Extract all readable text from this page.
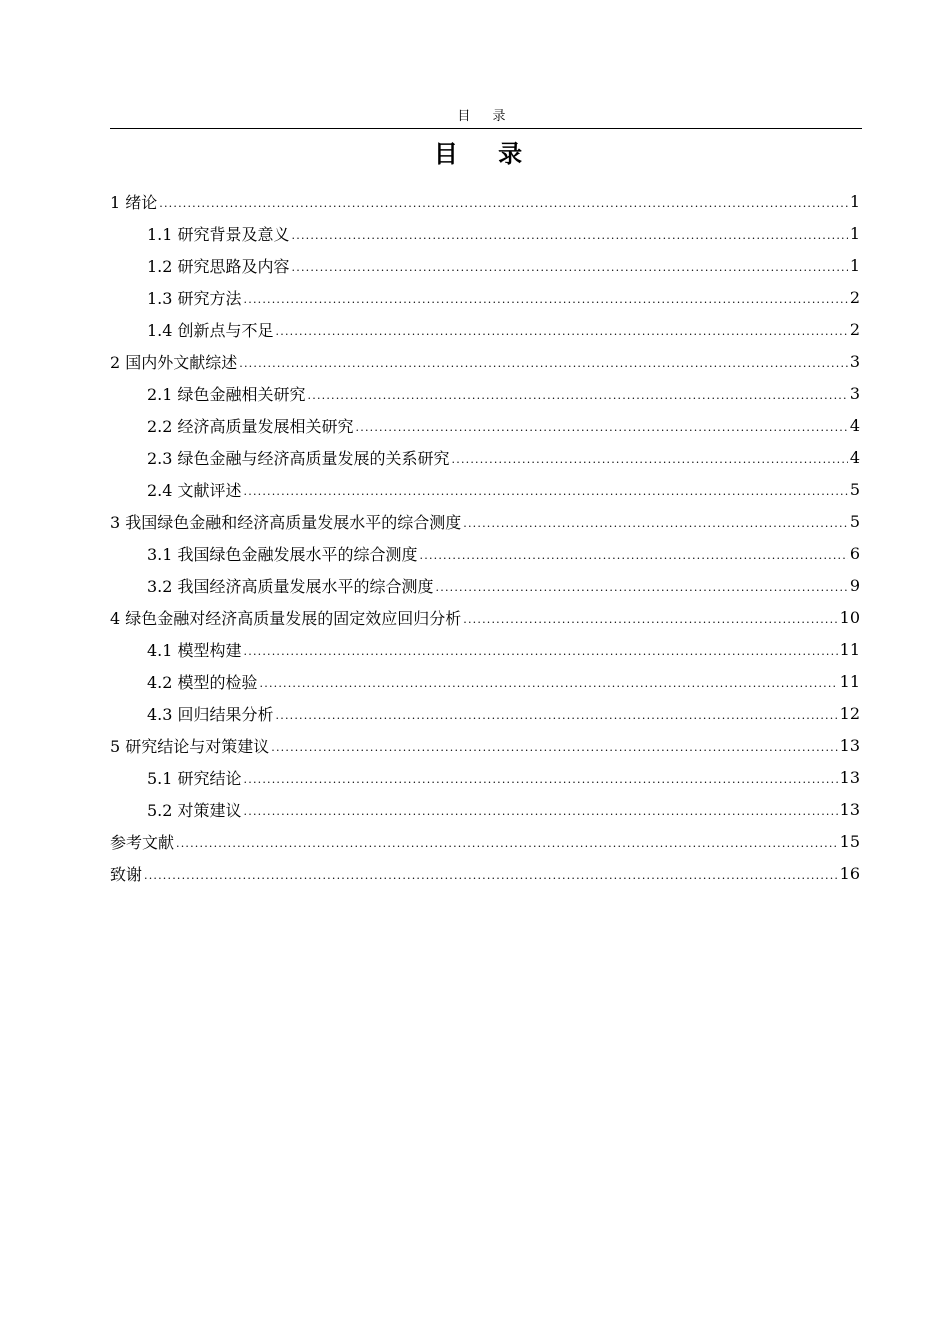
目 录
目 录
1 绪论 .....	1
1.1 研究背景及意义 .....	1
1.2 研究思路及内容 .....	1
1.3 研究方法 .....	2
1.4 创新点与不足 .....	2
2 国内外文献综述 .....	3
2.1 绿色金融相关研究 .....	3
2.2 经济高质量发展相关研究 .....	4
2.3 绿色金融与经济高质量发展的关系研究 .....	4
2.4 文献评述 .....	5
3 我国绿色金融和经济高质量发展水平的综合测度 .....	5
3.1 我国绿色金融发展水平的综合测度 .....	6
3.2 我国经济高质量发展水平的综合测度 .....	9
4 绿色金融对经济高质量发展的固定效应回归分析 .....	10
4.1 模型构建 .....	11
4.2 模型的检验 .....	11
4.3 回归结果分析 .....	12
5 研究结论与对策建议 .....	13
5.1 研究结论 .....	13
5.2 对策建议 .....	13
参考文献 .....	15
致谢 .....	16
